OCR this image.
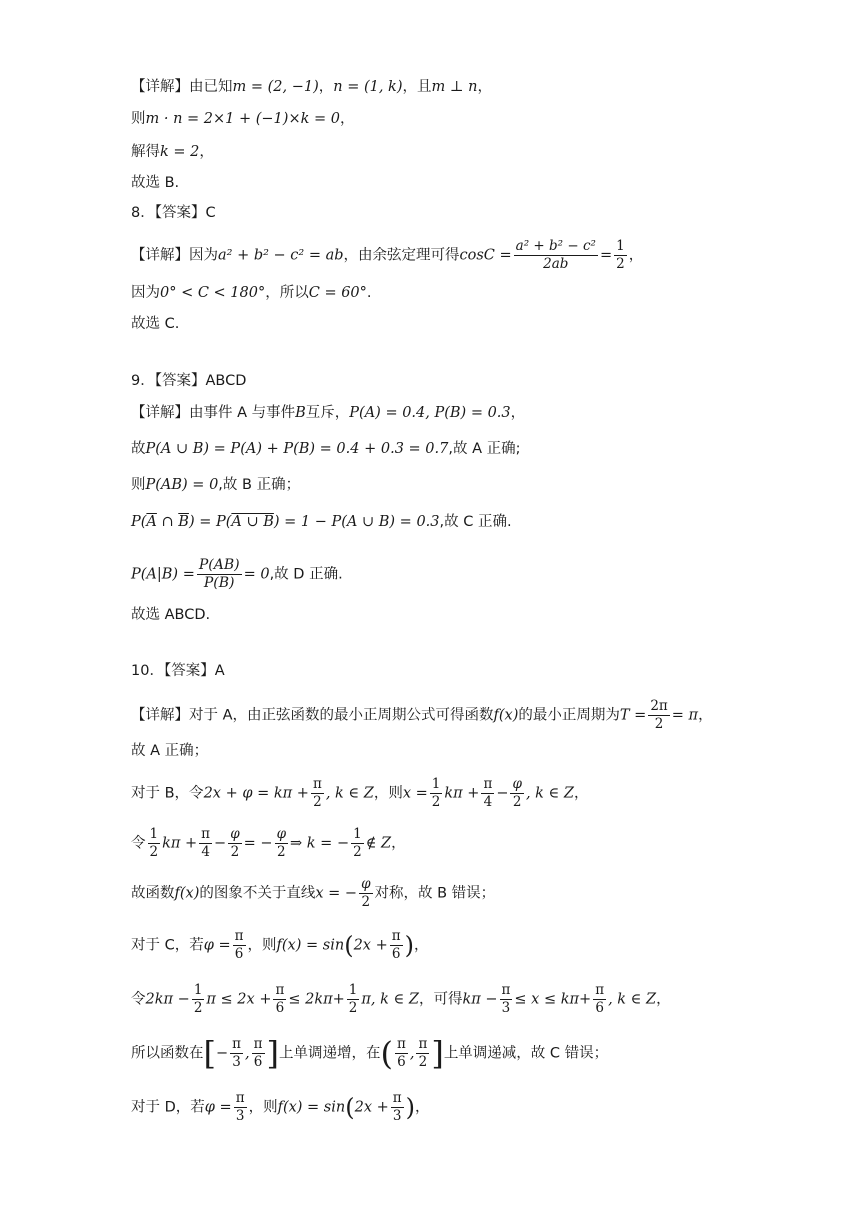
【详解】由已知m = (2, −1)，n = (1, k)，且m ⊥ n，
则m · n = 2×1 + (−1)×k = 0，
解得k = 2，
故选 B.
8．【答案】C
【详解】因为a² + b² − c² = ab，由余弦定理可得$\cos C = \frac{\text{a² + b² − c²}}{2ab} = \frac{1}{2}$ ，
因为0° < C < 180°，所以C = 60°.
故选 C.
9．【答案】ABCD
【详解】由事件 A 与事件B互斥，P(A) = 0.4, P(B) = 0.3，
故P(A ∪ B) = P(A) + P(B) = 0.4 + 0.3 = 0.7,故 A 正确;
则P(AB) = 0,故 B 正确；
$P(\overline{A}$ ∩ $\overline{B}) = P(A$ ∪ B) = 1 − P(A ∪ B) = 0.3,故 C 正确.
$P(A|B) = \frac{P(AB)}{P(B)} = 0$,故 D 正确.
故选 ABCD.
10．【答案】A
【详解】对于 A，由正弦函数的最小正周期公式可得函数f(x)的最小正周期为$T = \frac{2\pi}{2} = \pi$，
故 A 正确；
对于 B，令$2x + \varphi = k\pi + \frac{\pi}{2}$ , k ∈ Z，则$x = \frac{1}{2}$ $k\pi + \frac{\pi}{4} - \frac{\varphi}{2}$ , k ∈ Z，
令 $\frac{1}{2}$ $k\pi + \frac{\pi}{4} - \frac{\varphi}{2}$ = − $\frac{\varphi}{2}$ ⇒ k = − $\frac{1}{2}$ ∉ Z，
故函数f(x)的图象不关于直线x = − $\frac{\varphi}{2}$ 对称，故 B 错误；
对于 C，若$\varphi = \frac{\pi}{6}$ ，则$f(x) = \sin(2x + \frac{\pi}{6}$ )，
令$2k\pi - \frac{1}{2}$ $\pi \le 2x + \frac{\pi}{6} \le 2k\pi+ \frac{1}{2} \pi$, k ∈ Z，可得$k\pi - \frac{\pi}{3} \le x \le k\pi+ \frac{\pi}{6}$ , k ∈ Z，
所以函数在[− $\frac{\pi}{3}$ , $\frac{\pi}{6}$ ]上单调递增，在( $\frac{\pi}{6}$ , $\frac{\pi}{2}$ ]上单调递减，故 C 错误；
对于 D，若$\varphi = \frac{\pi}{3}$ ，则$f(x) = \sin(2x + \frac{\pi}{3}$ )，
